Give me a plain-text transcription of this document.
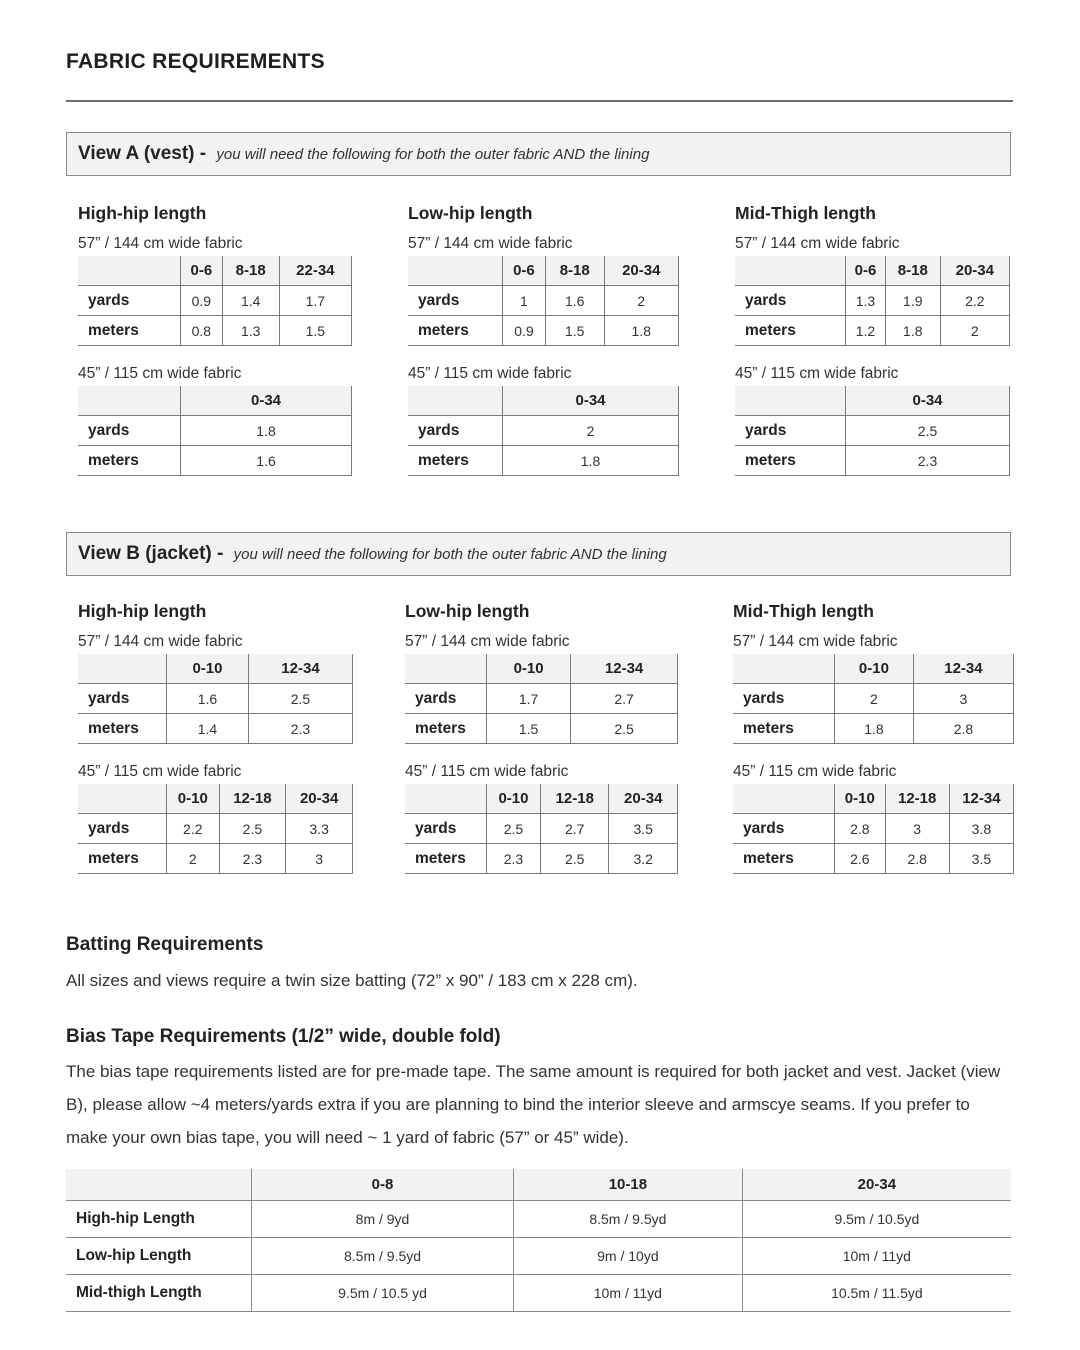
FABRIC REQUIREMENTS
View A (vest) - you will need the following for both the outer fabric AND the lining
High-hip length
57” / 144 cm wide fabric
	0-6	8-18	22-34
yards	0.9	1.4	1.7
meters	0.8	1.3	1.5
45” / 115 cm wide fabric
	0-34
yards	1.8
meters	1.6
Low-hip length
57” / 144 cm wide fabric
	0-6	8-18	20-34
yards	1	1.6	2
meters	0.9	1.5	1.8
45” / 115 cm wide fabric
	0-34
yards	2
meters	1.8
Mid-Thigh length
57” / 144 cm wide fabric
	0-6	8-18	20-34
yards	1.3	1.9	2.2
meters	1.2	1.8	2
45” / 115 cm wide fabric
	0-34
yards	2.5
meters	2.3
View B (jacket) - you will need the following for both the outer fabric AND the lining
High-hip length
57” / 144 cm wide fabric
	0-10	12-34
yards	1.6	2.5
meters	1.4	2.3
45” / 115 cm wide fabric
	0-10	12-18	20-34
yards	2.2	2.5	3.3
meters	2	2.3	3
Low-hip length
57” / 144 cm wide fabric
	0-10	12-34
yards	1.7	2.7
meters	1.5	2.5
45” / 115 cm wide fabric
	0-10	12-18	20-34
yards	2.5	2.7	3.5
meters	2.3	2.5	3.2
Mid-Thigh length
57” / 144 cm wide fabric
	0-10	12-34
yards	2	3
meters	1.8	2.8
45” / 115 cm wide fabric
	0-10	12-18	12-34
yards	2.8	3	3.8
meters	2.6	2.8	3.5
Batting Requirements
All sizes and views require a twin size batting (72” x 90” / 183 cm x 228 cm).
Bias Tape Requirements (1/2” wide, double fold)
The bias tape requirements listed are for pre-made tape. The same amount is required for both jacket and vest. Jacket (view B), please allow ~4 meters/yards extra if you are planning to bind the interior sleeve and armscye seams. If you prefer to make your own bias tape, you will need ~ 1 yard of fabric (57” or 45” wide).
	0-8	10-18	20-34
High-hip Length	8m / 9yd	8.5m / 9.5yd	9.5m / 10.5yd
Low-hip Length	8.5m / 9.5yd	9m / 10yd	10m / 11yd
Mid-thigh Length	9.5m / 10.5 yd	10m / 11yd	10.5m / 11.5yd
